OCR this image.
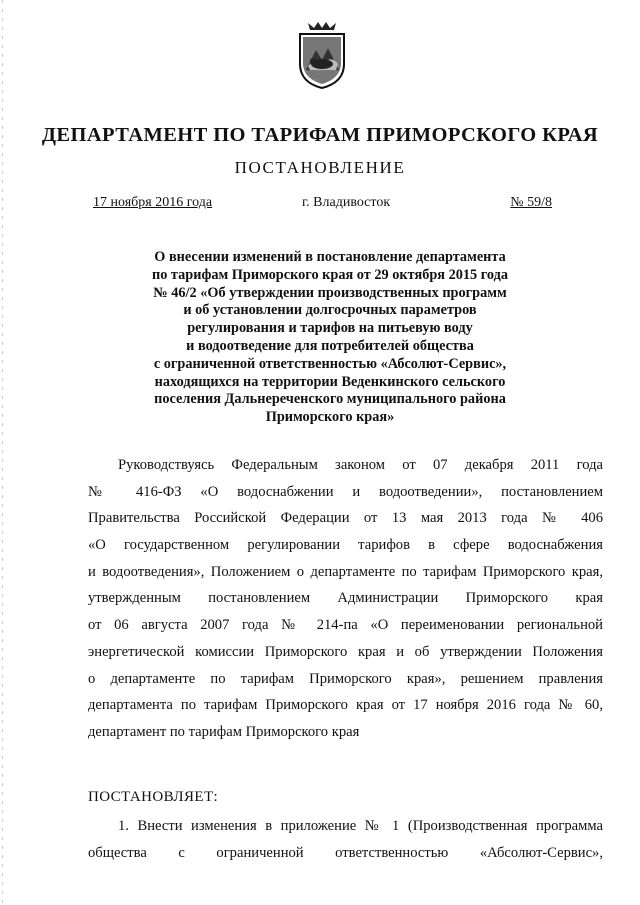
ДЕПАРТАМЕНТ ПО ТАРИФАМ ПРИМОРСКОГО КРАЯ
ПОСТАНОВЛЕНИЕ
17 ноября 2016 года	г. Владивосток	№ 59/8
О внесении изменений в постановление департамента
по тарифам Приморского края от 29 октября 2015 года
№ 46/2 «Об утверждении производственных программ
и об установлении долгосрочных параметров
регулирования и тарифов на питьевую воду
и водоотведение для потребителей общества
с ограниченной ответственностью «Абсолют-Сервис»,
находящихся на территории Веденкинского сельского
поселения Дальнереченского муниципального района
Приморского края»
Руководствуясь Федеральным законом от 07 декабря 2011 года
№ 416-ФЗ «О водоснабжении и водоотведении», постановлением
Правительства Российской Федерации от 13 мая 2013 года № 406
«О государственном регулировании тарифов в сфере водоснабжения
и водоотведения», Положением о департаменте по тарифам Приморского края,
утвержденным постановлением Администрации Приморского края
от 06 августа 2007 года № 214-па «О переименовании региональной
энергетической комиссии Приморского края и об утверждении Положения
о департаменте по тарифам Приморского края», решением правления
департамента по тарифам Приморского края от 17 ноября 2016 года № 60,
департамент по тарифам Приморского края
ПОСТАНОВЛЯЕТ:
1. Внести изменения в приложение № 1 (Производственная программа
общества с ограниченной ответственностью «Абсолют-Сервис»,
